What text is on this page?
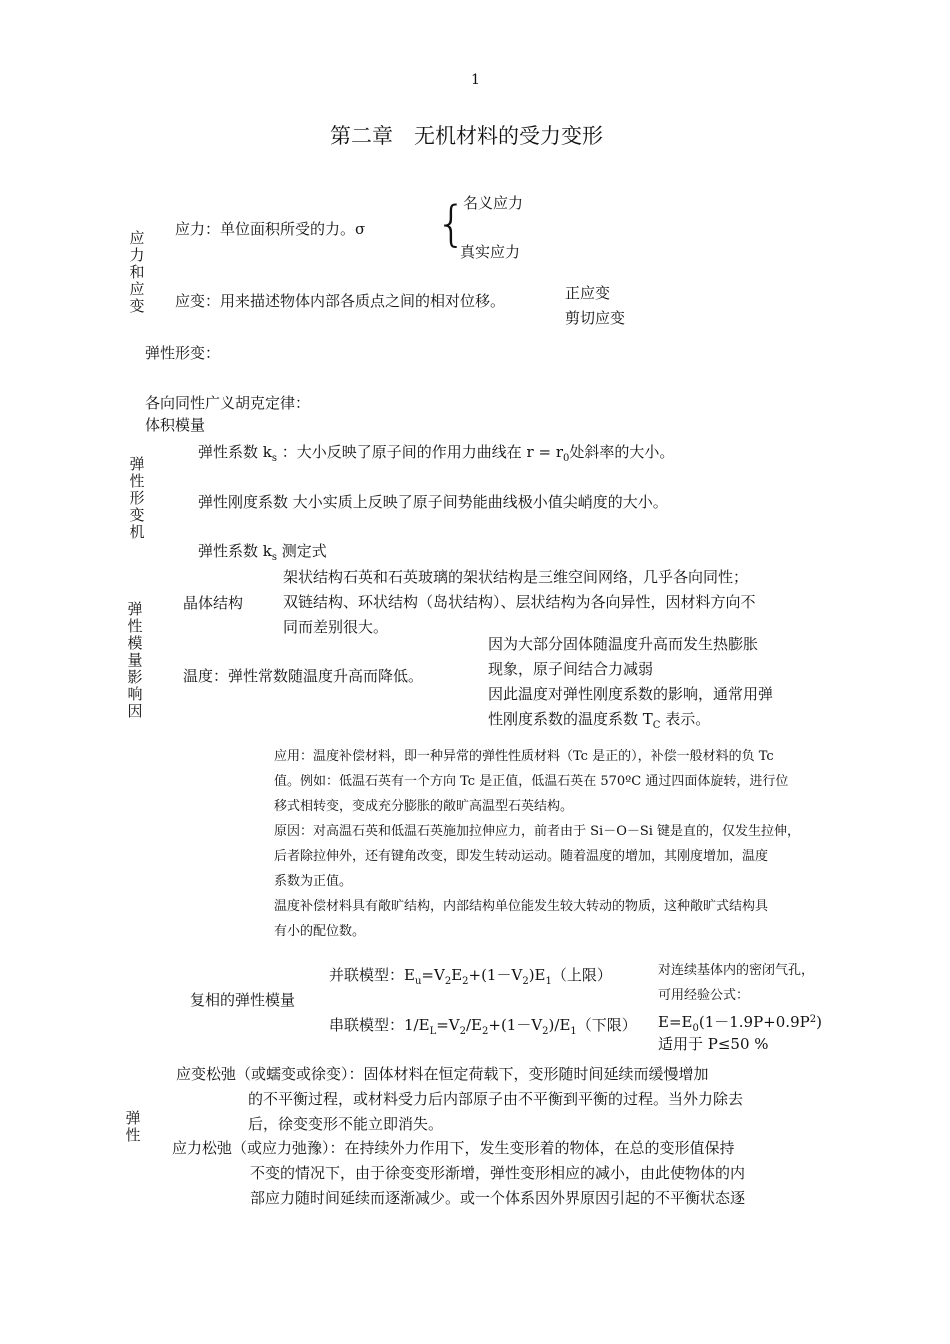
1
第二章　无机材料的受力变形
应力和应变
弹性形变机
弹性模量影响因
弹性
应力：单位面积所受的力。σ {
名义应力
真实应力
应变：用来描述物体内部各质点之间的相对位移。	正应变
剪切应变
弹性形变：
各向同性广义胡克定律：
体积模量
弹性系数 $k_s$ ：大小反映了原子间的作用力曲线在 $r = r_0$处斜率的大小。
弹性刚度系数 大小实质上反映了原子间势能曲线极小值尖峭度的大小。
弹性系数 $k_s$ 测定式
晶体结构
架状结构石英和石英玻璃的架状结构是三维空间网络，几乎各向同性；
双链结构、环状结构（岛状结构）、层状结构为各向异性，因材料方向不
同而差别很大。
温度：弹性常数随温度升高而降低。
因为大部分固体随温度升高而发生热膨胀
现象，原子间结合力减弱
因此温度对弹性刚度系数的影响，通常用弹
性刚度系数的温度系数 $T_C$ 表示。
应用：温度补偿材料，即一种异常的弹性性质材料（Tc 是正的），补偿一般材料的负 Tc
值。例如：低温石英有一个方向 Tc 是正值，低温石英在 570ºC 通过四面体旋转，进行位
移式相转变，变成充分膨胀的敞旷高温型石英结构。
原因：对高温石英和低温石英施加拉伸应力，前者由于 Si－O－Si 键是直的，仅发生拉伸，
后者除拉伸外，还有键角改变，即发生转动运动。随着温度的增加，其刚度增加，温度
系数为正值。
温度补偿材料具有敞旷结构，内部结构单位能发生较大转动的物质，这种敞旷式结构具
有小的配位数。
复相的弹性模量
并联模型：$E_u=V_2E_2+(1-V_2)E_1$（上限）
串联模型：$1/E_L=V_2/E_2+(1-V_2)/E_1$（下限）
对连续基体内的密闭气孔，
可用经验公式：
$E=E_0(1-1.9P+0.9P^2)$
适用于 P≤50 %
应变松弛（或蠕变或徐变）：固体材料在恒定荷载下，变形随时间延续而缓慢增加
的不平衡过程，或材料受力后内部原子由不平衡到平衡的过程。当外力除去
后，徐变变形不能立即消失。
应力松弛（或应力弛豫）：在持续外力作用下，发生变形着的物体，在总的变形值保持
不变的情况下，由于徐变变形渐增，弹性变形相应的减小，由此使物体的内
部应力随时间延续而逐渐减少。或一个体系因外界原因引起的不平衡状态逐
